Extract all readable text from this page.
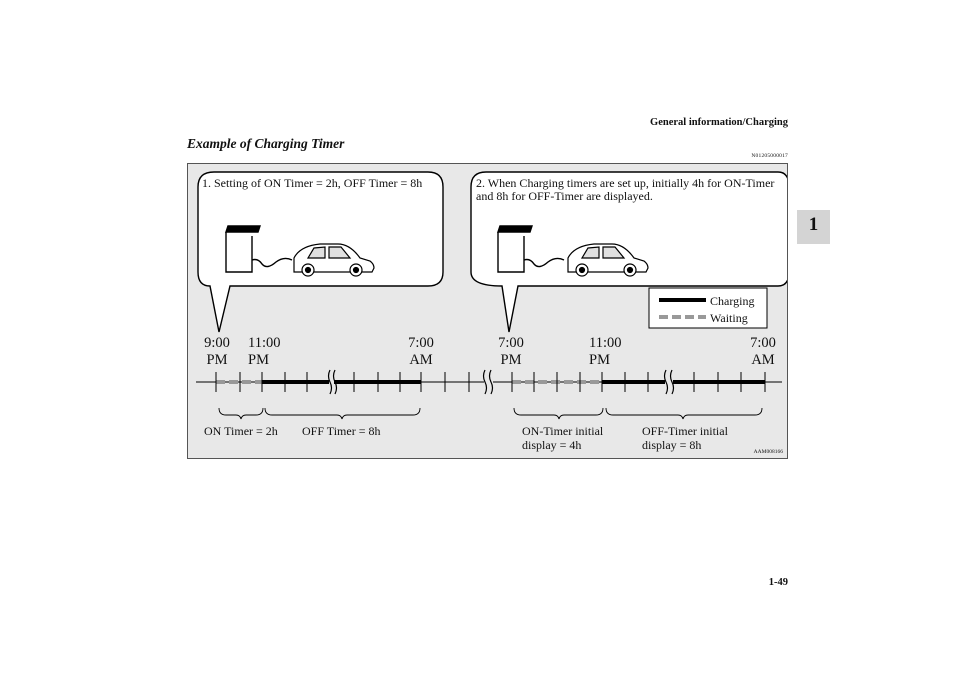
General information/Charging
Example of Charging Timer
N01205000017
1
1. Setting of ON Timer = 2h, OFF Timer = 8h	2. When Charging timers are set up, initially 4h for ON-Timer
and 8h for OFF-Timer are displayed.
Charging
Waiting
9:00
PM
11:00
PM
7:00
AM
7:00
PM
11:00
PM
7:00
AM
ON Timer = 2h OFF Timer = 8h	ON-Timer initial
display = 4h
OFF-Timer initial
display = 8h	AAM008166
1-49
